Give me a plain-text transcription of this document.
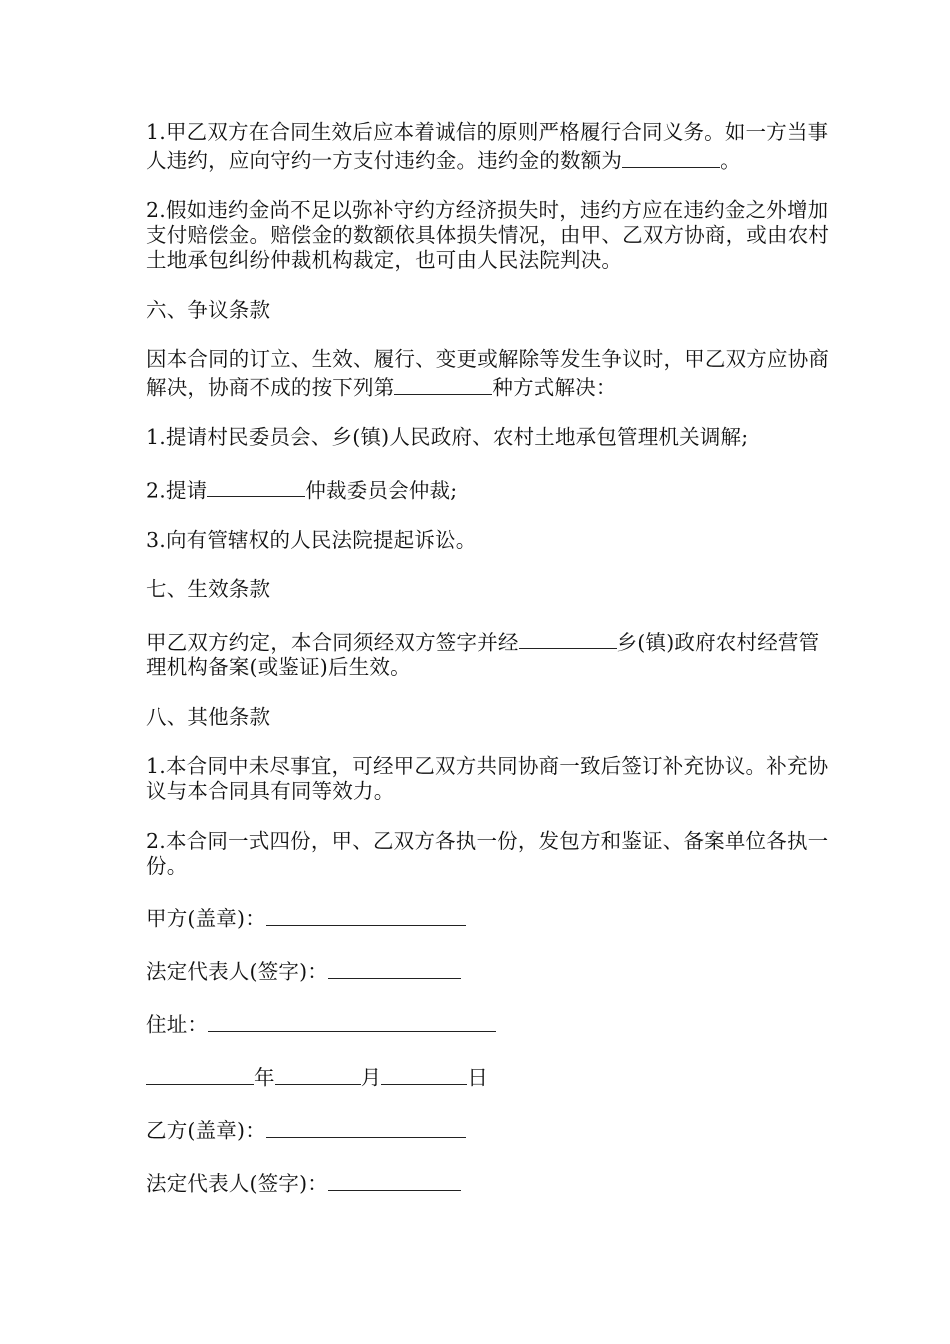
1.甲乙双方在合同生效后应本着诚信的原则严格履行合同义务。如一方当事人违约，应向守约一方支付违约金。违约金的数额为	。

2.假如违约金尚不足以弥补守约方经济损失时，违约方应在违约金之外增加支付赔偿金。赔偿金的数额依具体损失情况，由甲、乙双方协商，或由农村土地承包纠纷仲裁机构裁定，也可由人民法院判决。

六、争议条款

因本合同的订立、生效、履行、变更或解除等发生争议时，甲乙双方应协商解决，协商不成的按下列第	种方式解决：

1.提请村民委员会、乡(镇)人民政府、农村土地承包管理机关调解;

2.提请	仲裁委员会仲裁;

3.向有管辖权的人民法院提起诉讼。

七、生效条款

甲乙双方约定，本合同须经双方签字并经	乡(镇)政府农村经营管理机构备案(或鉴证)后生效。

八、其他条款

1.本合同中未尽事宜，可经甲乙双方共同协商一致后签订补充协议。补充协议与本合同具有同等效力。

2.本合同一式四份，甲、乙双方各执一份，发包方和鉴证、备案单位各执一份。

甲方(盖章)：

法定代表人(签字)：

住址：

年	月	日

乙方(盖章)：

法定代表人(签字)：
